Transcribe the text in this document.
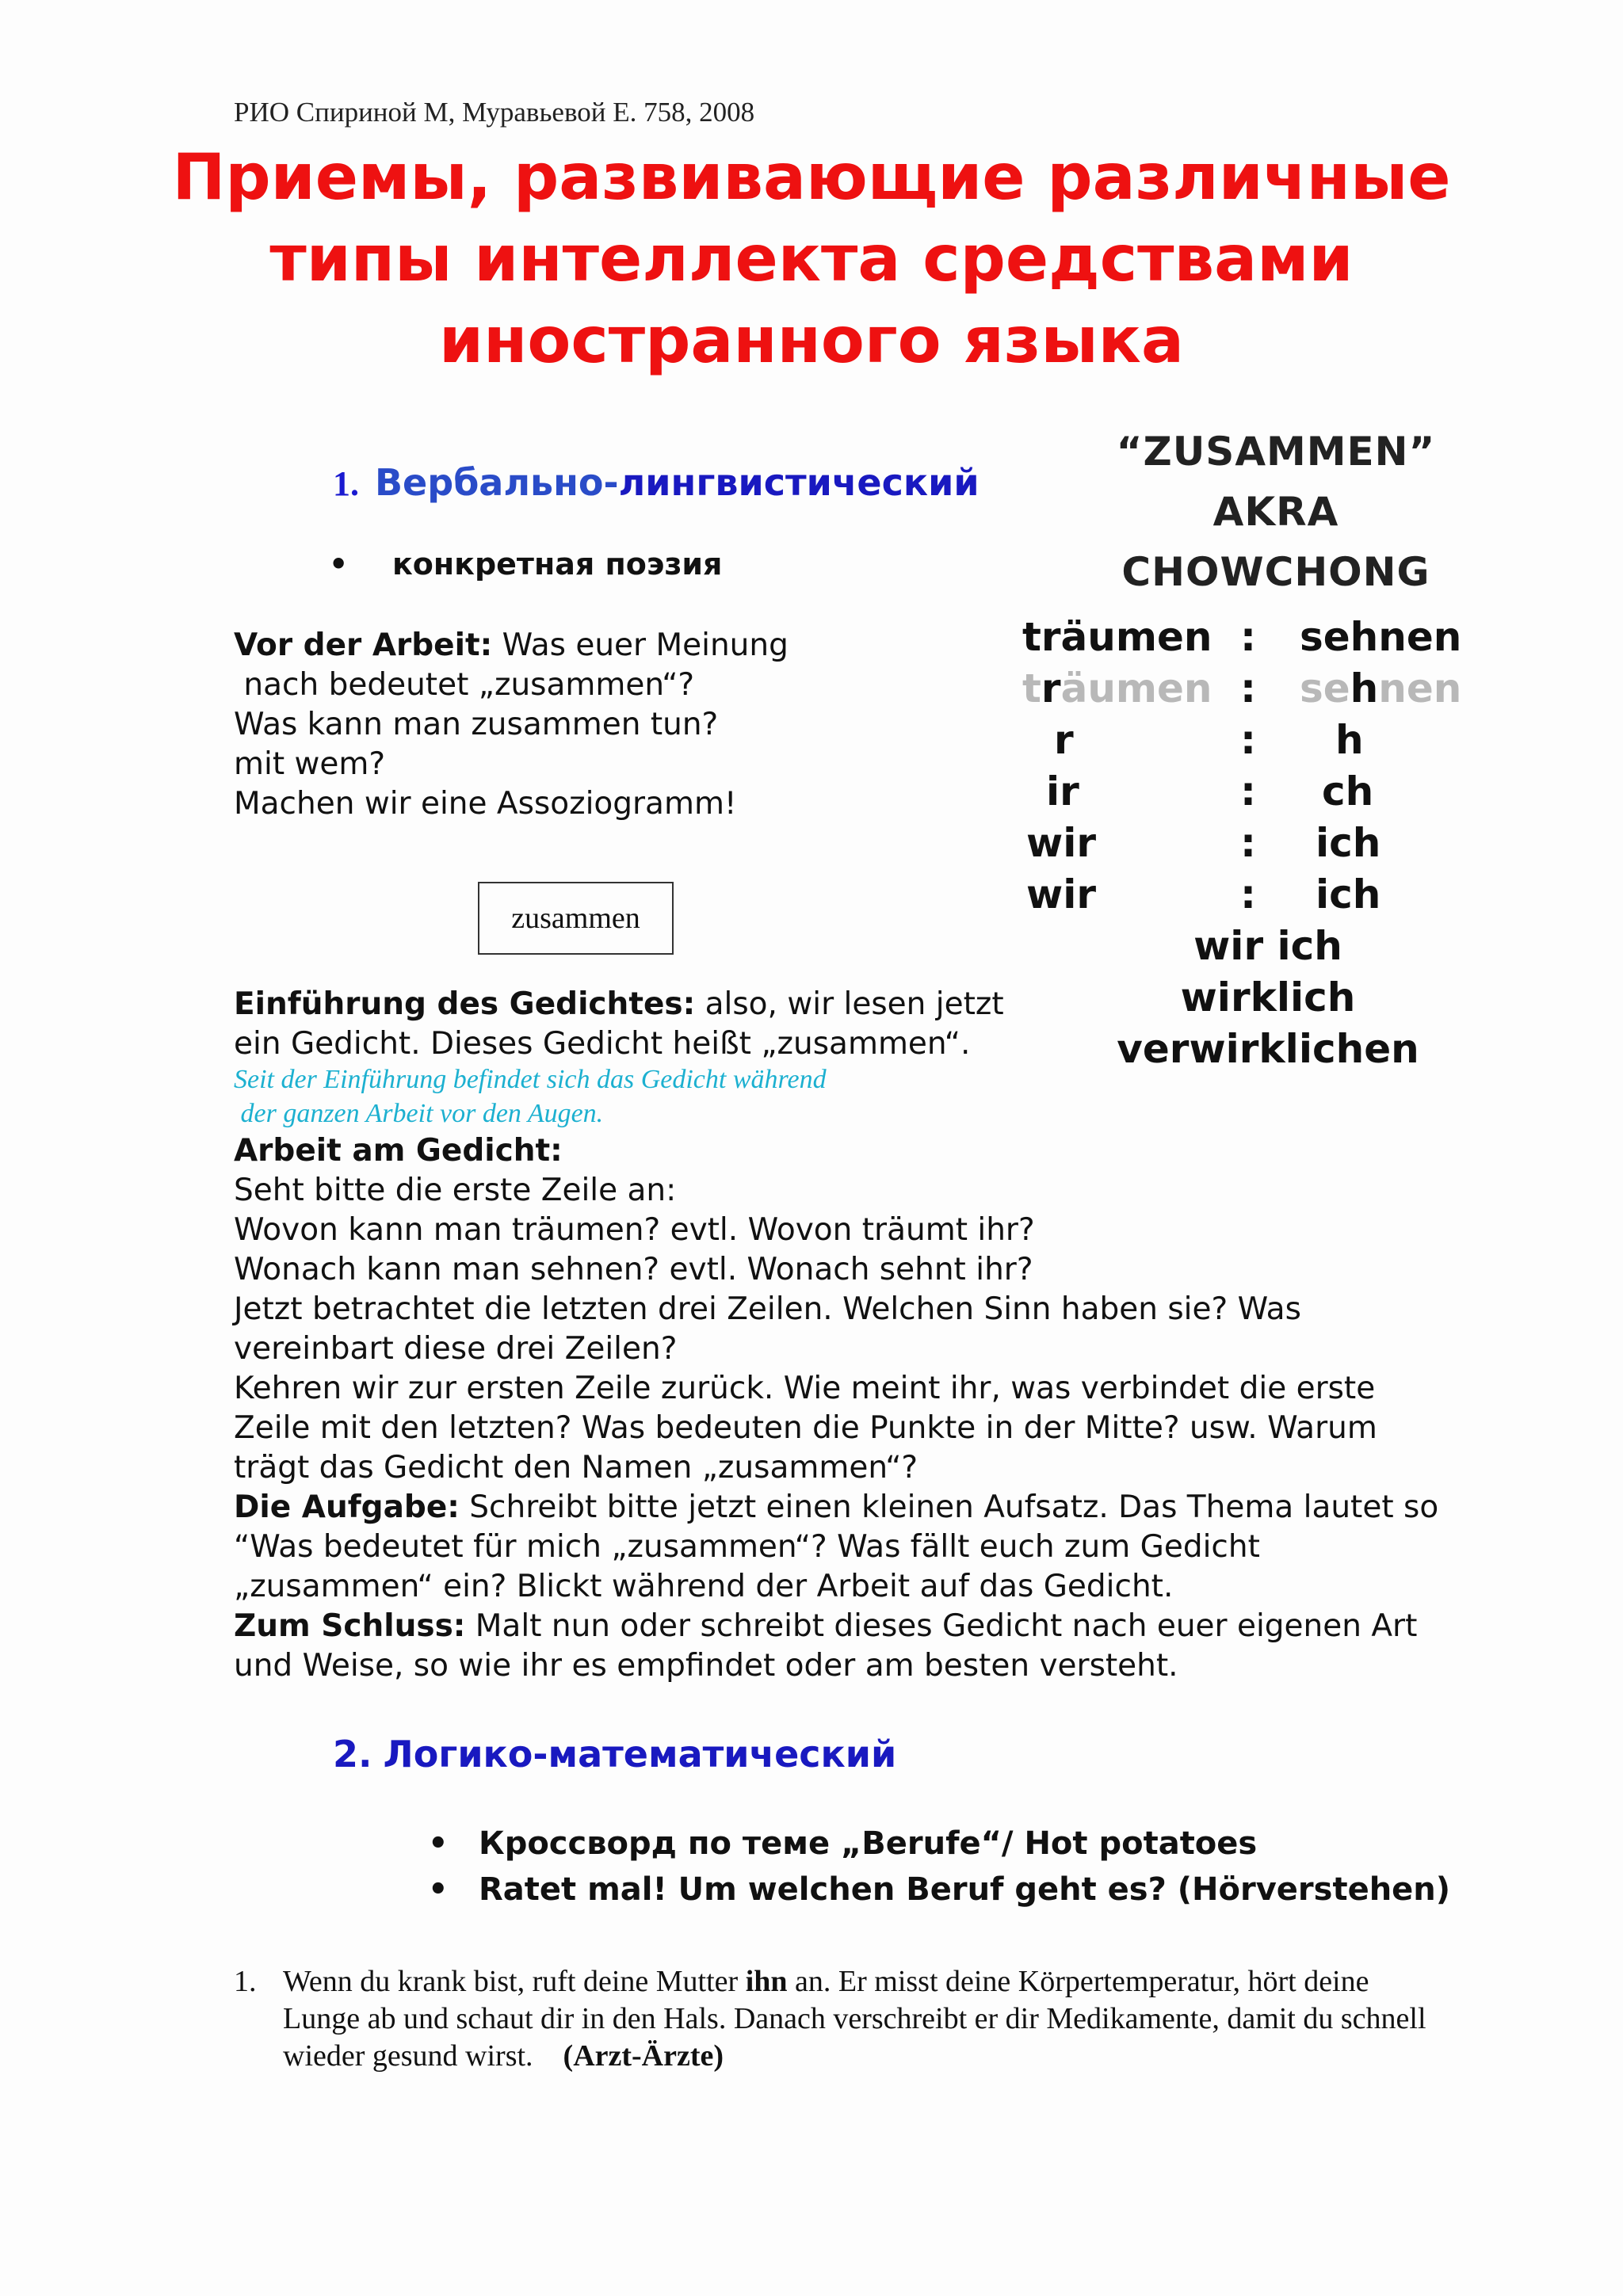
РИО Спириной М, Муравьевой Е. 758, 2008
Приемы, развивающие различные
типы интеллекта средствами
иностранного языка
1. Вербально-лингвистический
• конкретная поэзия
Vor der Arbeit: Was euer Meinung
nach bedeutet „zusammen“?
Was kann man zusammen tun?
mit wem?
Machen wir eine Assoziogramm!
zusammen
Einführung des Gedichtes: also, wir lesen jetzt
ein Gedicht. Dieses Gedicht heißt „zusammen“.
Seit der Einführung befindet sich das Gedicht während
der ganzen Arbeit vor den Augen.
Arbeit am Gedicht:
Seht bitte die erste Zeile an:
Wovon kann man träumen? evtl. Wovon träumt ihr?
Wonach kann man sehnen? evtl. Wonach sehnt ihr?
Jetzt betrachtet die letzten drei Zeilen. Welchen Sinn haben sie? Was
vereinbart diese drei Zeilen?
Kehren wir zur ersten Zeile zurück. Wie meint ihr, was verbindet die erste
Zeile mit den letzten? Was bedeuten die Punkte in der Mitte? usw. Warum
trägt das Gedicht den Namen „zusammen“?
Die Aufgabe: Schreibt bitte jetzt einen kleinen Aufsatz. Das Thema lautet so
“Was bedeutet für mich „zusammen“? Was fällt euch zum Gedicht
„zusammen“ ein? Blickt während der Arbeit auf das Gedicht.
Zum Schluss: Malt nun oder schreibt dieses Gedicht nach euer eigenen Art
und Weise, so wie ihr es empfindet oder am besten versteht.
“ZUSAMMEN”
AKRA CHOWCHONG
träumen : sehnen
träumen : sehnen
r	: h
ir	: ch
wir	: ich
wir	: ich
wir ich
wirklich
verwirklichen
2. Логико-математический
• Кроссворд по теме „Berufe“/ Hot potatoes
• Ratet mal! Um welchen Beruf geht es? (Hörverstehen)
1. Wenn du krank bist, ruft deine Mutter ihn an. Er misst deine Körpertemperatur, hört deine
Lunge ab und schaut dir in den Hals. Danach verschreibt er dir Medikamente, damit du schnell
wieder gesund wirst.    (Arzt-Ärzte)
